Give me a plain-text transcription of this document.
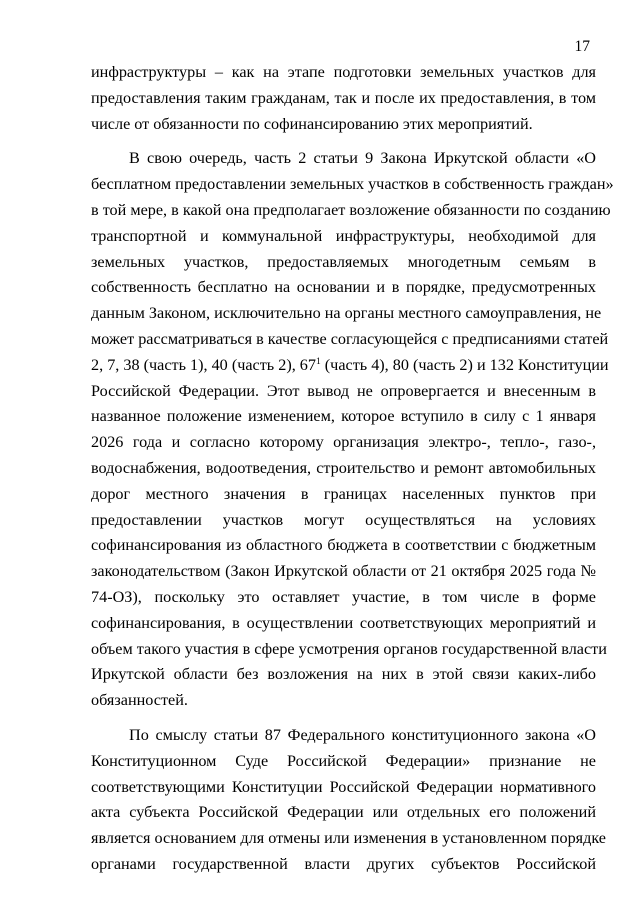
17
инфраструктуры – как на этапе подготовки земельных участков для
предоставления таким гражданам, так и после их предоставления, в том
числе от обязанности по софинансированию этих мероприятий.
В свою очередь, часть 2 статьи 9 Закона Иркутской области «О
бесплатном предоставлении земельных участков в собственность граждан»
в той мере, в какой она предполагает возложение обязанности по созданию
транспортной и коммунальной инфраструктуры, необходимой для
земельных участков, предоставляемых многодетным семьям в
собственность бесплатно на основании и в порядке, предусмотренных
данным Законом, исключительно на органы местного самоуправления, не
может рассматриваться в качестве согласующейся с предписаниями статей
2, 7, 38 (часть 1), 40 (часть 2), $67^1$ (часть 4), 80 (часть 2) и 132 Конституции
Российской Федерации. Этот вывод не опровергается и внесенным в
названное положение изменением, которое вступило в силу с 1 января
2026 года и согласно которому организация электро-, тепло-, газо-,
водоснабжения, водоотведения, строительство и ремонт автомобильных
дорог местного значения в границах населенных пунктов при
предоставлении участков могут осуществляться на условиях
софинансирования из областного бюджета в соответствии с бюджетным
законодательством (Закон Иркутской области от 21 октября 2025 года №
74-ОЗ), поскольку это оставляет участие, в том числе в форме
софинансирования, в осуществлении соответствующих мероприятий и
объем такого участия в сфере усмотрения органов государственной власти
Иркутской области без возложения на них в этой связи каких-либо
обязанностей.
По смыслу статьи 87 Федерального конституционного закона «О
Конституционном Суде Российской Федерации» признание не
соответствующими Конституции Российской Федерации нормативного
акта субъекта Российской Федерации или отдельных его положений
является основанием для отмены или изменения в установленном порядке
органами государственной власти других субъектов Российской
